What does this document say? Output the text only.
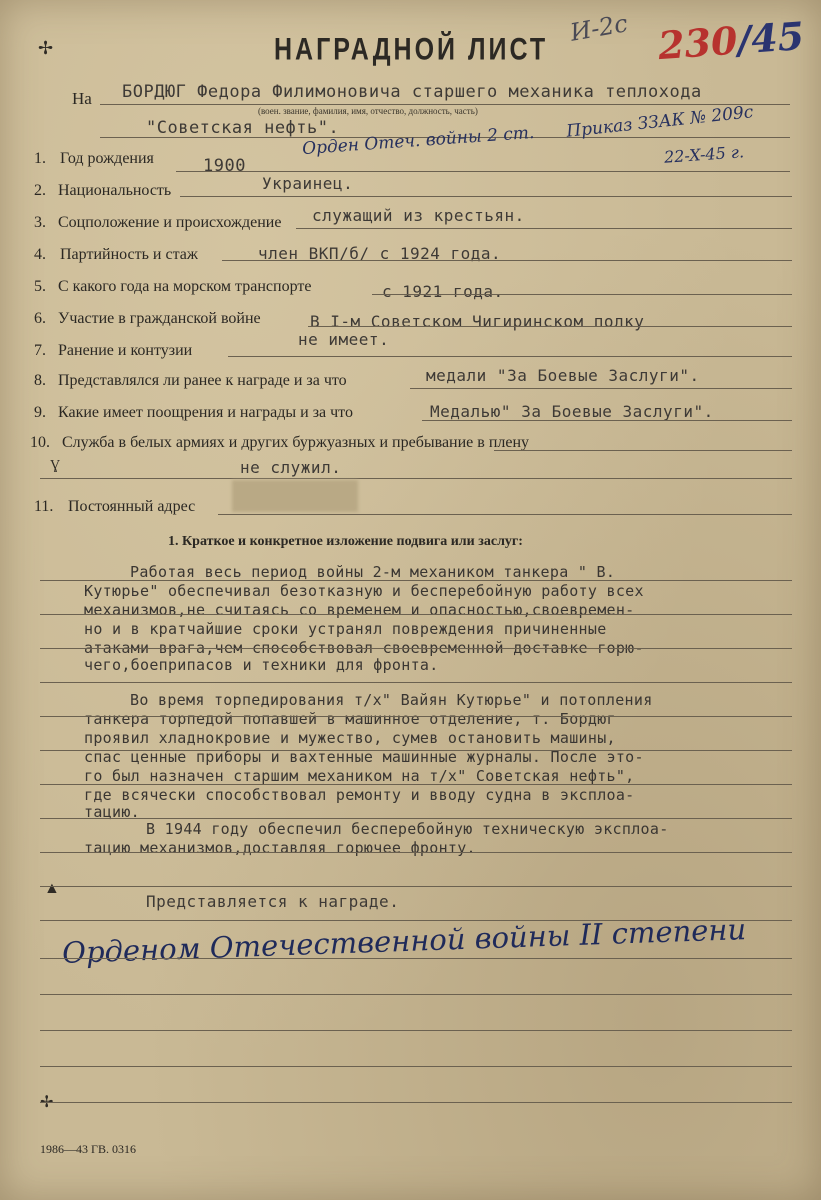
✢
✢
▲
Ɣ
НАГРАДНОЙ ЛИСТ
И-2с 230/45
На БОРДЮГ Федора Филимоновича старшего механика теплохода
(воен. звание, фамилия, имя, отчество, должность, часть)
"Советская нефть".
Орден Отеч. войны 2 ст. Приказ ЗЗАК № 209с
22-X-45 г.
1. Год рождения	1900
2. Национальность	Украинец.
3. Соцположение и происхождение служащий из крестьян.
4. Партийность и стаж	член ВКП/б/ с 1924 года.
5. С какого года на морском транспорте	с 1921 года.
6. Участие в гражданской войне	В I-м Советском Чигиринском полку
7. Ранение и контузии
не имеет.
8. Представлялся ли ранее к награде и за что	медали "За Боевые Заслуги".
9. Какие имеет поощрения и награды и за что	Медалью" За Боевые Заслуги".
10. Служба в белых армиях и других буржуазных и пребывание в плену
не служил.
11. Постоянный адрес
1. Краткое и конкретное изложение подвига или заслуг:
Работая весь период войны 2-м механиком танкера " В.
Кутюрье" обеспечивал безотказную и бесперебойную работу всех
механизмов,не считаясь со временем и опасностью,своевремен-
но и в кратчайшие сроки устранял повреждения причиненные
атаками врага,чем способствовал своевременной доставке горю-
чего,боеприпасов и техники для фронта.
Во время торпедирования т/х" Вайян Кутюрье" и потопления
танкера торпедой попавшей в машинное отделение, т. Бордюг
проявил хладнокровие и мужество, сумев остановить машины,
спас ценные приборы и вахтенные машинные журналы. После это-
го был назначен старшим механиком на т/х" Советская нефть",
где всячески способствовал ремонту и вводу судна в эксплоа-
тацию.
В 1944 году обеспечил бесперебойную техническую эксплоа-
тацию механизмов,доставляя горючее фронту.
Представляется к награде.
Орденом Отечественной войны II степени
1986—43 ГВ. 0316
